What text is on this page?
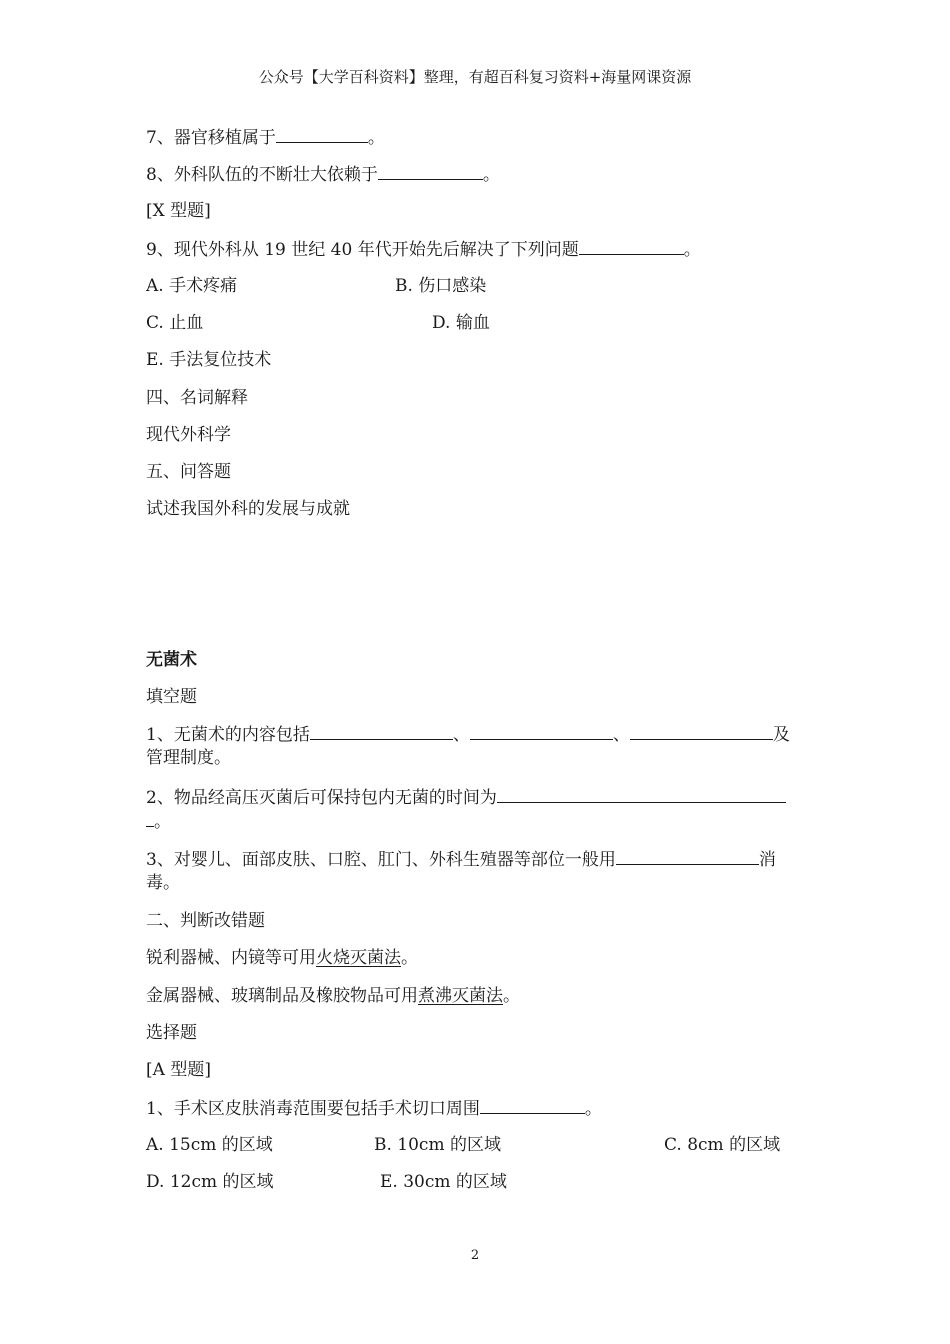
公众号【大学百科资料】整理，有超百科复习资料+海量网课资源
7、器官移植属于	。
8、外科队伍的不断壮大依赖于	。
[X 型题]
9、现代外科从 19 世纪 40 年代开始先后解决了下列问题	。
A. 手术疼痛	B. 伤口感染
C. 止血	D. 输血
E. 手法复位技术
四、名词解释
现代外科学
五、问答题
试述我国外科的发展与成就
无菌术
填空题
1、无菌术的内容包括	、	、	及
管理制度。
2、物品经高压灭菌后可保持包内无菌的时间为
。
3、对婴儿、面部皮肤、口腔、肛门、外科生殖器等部位一般用	消
毒。
二、判断改错题
锐利器械、内镜等可用火烧灭菌法。
金属器械、玻璃制品及橡胶物品可用煮沸灭菌法。
选择题
[A 型题]
1、手术区皮肤消毒范围要包括手术切口周围	。
A. 15cm 的区域	B. 10cm 的区域	C. 8cm 的区域
D. 12cm 的区域	E. 30cm 的区域
2
